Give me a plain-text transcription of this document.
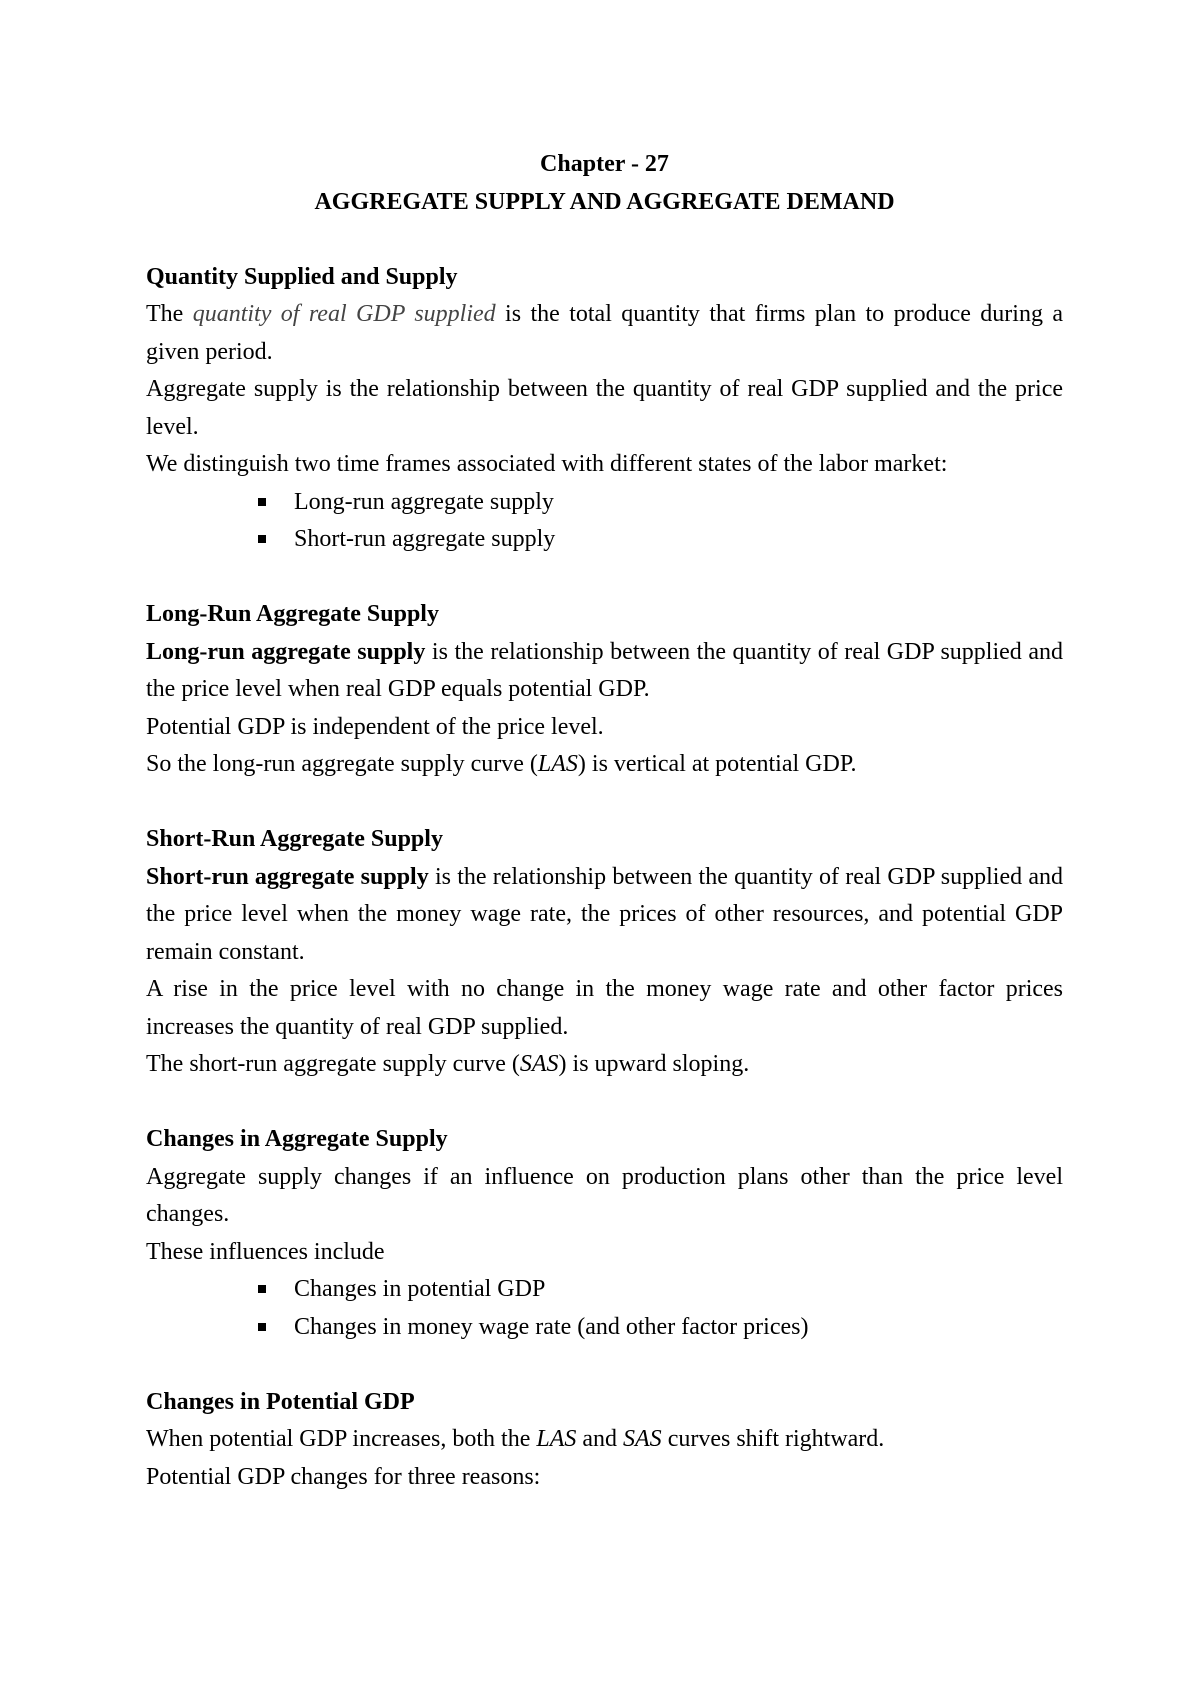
Chapter - 27
AGGREGATE SUPPLY AND AGGREGATE DEMAND
Quantity Supplied and Supply

The quantity of real GDP supplied is the total quantity that firms plan to produce during a given period.

Aggregate supply is the relationship between the quantity of real GDP supplied and the price level.

We distinguish two time frames associated with different states of the labor market:

Long-run aggregate supply
Short-run aggregate supply
Long-Run Aggregate Supply

Long-run aggregate supply is the relationship between the quantity of real GDP supplied and the price level when real GDP equals potential GDP.

Potential GDP is independent of the price level.

So the long-run aggregate supply curve (LAS) is vertical at potential GDP.

Short-Run Aggregate Supply

Short-run aggregate supply is the relationship between the quantity of real GDP supplied and the price level when the money wage rate, the prices of other resources, and potential GDP remain constant.

A rise in the price level with no change in the money wage rate and other factor prices increases the quantity of real GDP supplied.

The short-run aggregate supply curve (SAS) is upward sloping.

Changes in Aggregate Supply

Aggregate supply changes if an influence on production plans other than the price level changes.

These influences include

Changes in potential GDP
Changes in money wage rate (and other factor prices)
Changes in Potential GDP

When potential GDP increases, both the LAS and SAS curves shift rightward.

Potential GDP changes for three reasons:
